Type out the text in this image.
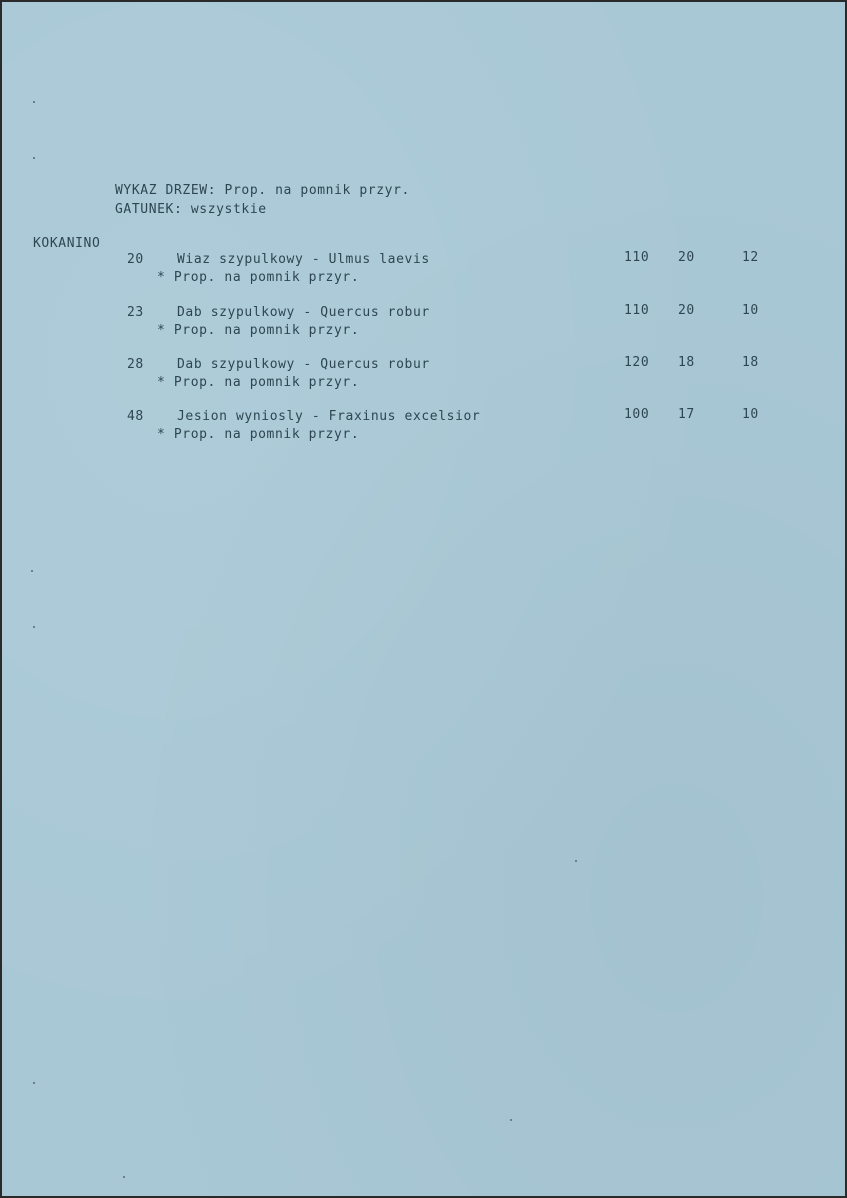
WYKAZ DRZEW: Prop. na pomnik przyr.
GATUNEK: wszystkie
KOKANINO
20	Wiaz szypulkowy - Ulmus laevis	110 20	12
* Prop. na pomnik przyr.
23	Dab szypulkowy - Quercus robur	110 20	10
* Prop. na pomnik przyr.
28	Dab szypulkowy - Quercus robur	120 18	18
* Prop. na pomnik przyr.
48	Jesion wyniosly - Fraxinus excelsior	100 17	10
* Prop. na pomnik przyr.
